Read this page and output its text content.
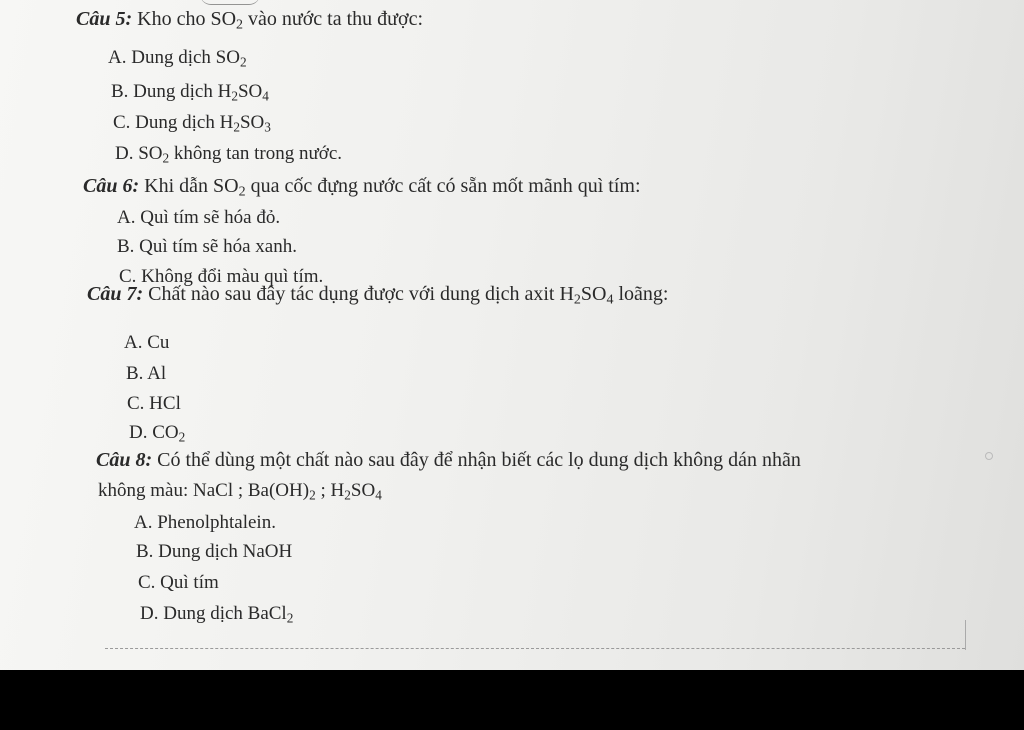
Câu 5: Kho cho $SO_2$ vào nước ta thu được:
A. Dung dịch $SO_2$
B. Dung dịch $H_2SO_4$
C. Dung dịch $H_2SO_3$
D. $SO_2$ không tan trong nước.
Câu 6: Khi dẫn $SO_2$ qua cốc đựng nước cất có sẵn mốt mãnh quì tím:
A. Quì tím sẽ hóa đỏ.
B. Quì tím sẽ hóa xanh.
C. Không đổi màu quì tím.
Câu 7: Chất nào sau đây tác dụng được với dung dịch axit $H_2SO_4$ loãng:
A. Cu
B. Al
C. HCl
D. $CO_2$
Câu 8: Có thể dùng một chất nào sau đây để nhận biết các lọ dung dịch không dán nhãn
không màu: NaCl ; $Ba(OH)_2$ ; $H_2SO_4$
A. Phenolphtalein.
B. Dung dịch NaOH
C. Quì tím
D. Dung dịch BaCl$_2$
